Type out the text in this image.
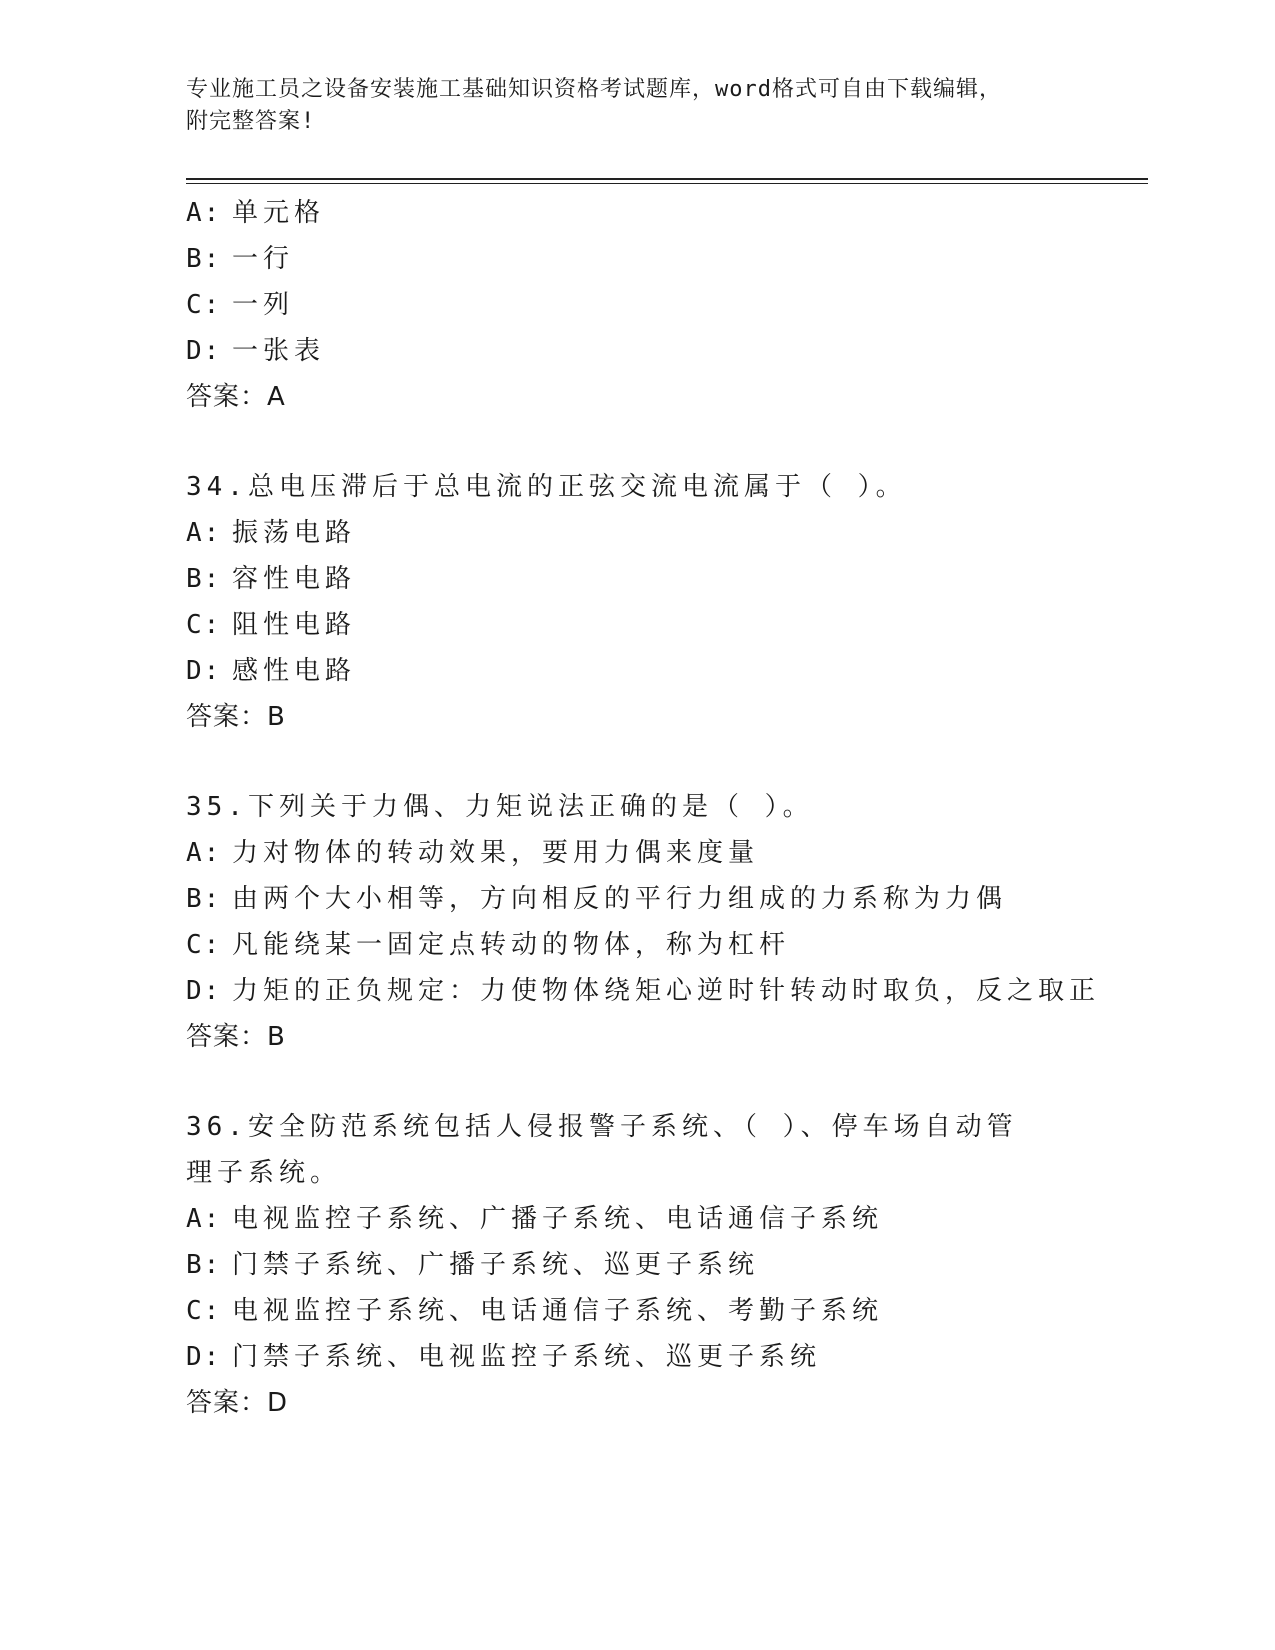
专业施工员之设备安装施工基础知识资格考试题库，word格式可自由下载编辑，
附完整答案!
A: 单元格
B: 一行
C: 一列
D: 一张表
答案：A
34.总电压滞后于总电流的正弦交流电流属于（ ）。
A: 振荡电路
B: 容性电路
C: 阻性电路
D: 感性电路
答案：B
35.下列关于力偶、力矩说法正确的是（ ）。
A: 力对物体的转动效果，要用力偶来度量
B: 由两个大小相等，方向相反的平行力组成的力系称为力偶
C: 凡能绕某一固定点转动的物体，称为杠杆
D: 力矩的正负规定：力使物体绕矩心逆时针转动时取负，反之取正
答案：B
36.安全防范系统包括人侵报警子系统、（ ）、停车场自动管理子系统。
A: 电视监控子系统、广播子系统、电话通信子系统
B: 门禁子系统、广播子系统、巡更子系统
C: 电视监控子系统、电话通信子系统、考勤子系统
D: 门禁子系统、电视监控子系统、巡更子系统
答案：D
